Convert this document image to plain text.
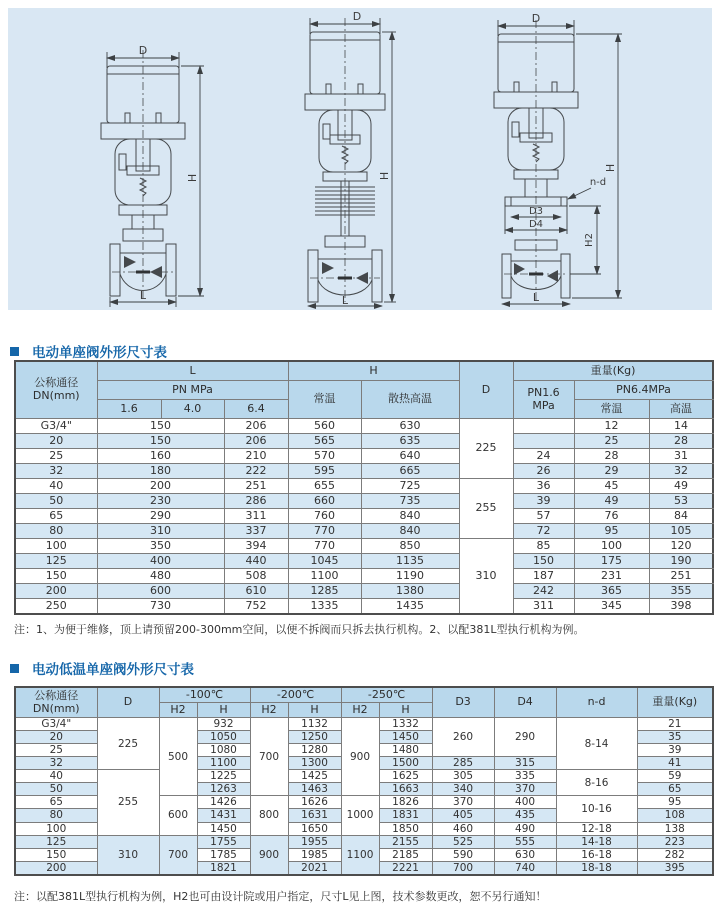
D
L
H
D
L
H
D
n-d
D3
D4
H2
L
H
电动单座阀外形尺寸表
公称通径
DN(mm)	L			H		D	重量(Kg)			
	PN MPa			常温	散热高温		PN1.6
MPa	PN6.4MPa		
	1.6	4.0	6.4					常温	高温	
G3/4"	150		206	560	630	225		12	14	
20	150		206	565	635			25	28	
25	160		210	570	640		24	28	31	
32	180		222	595	665		26	29	32	
40	200		251	655	725	255	36	45	49	
50	230		286	660	735		39	49	53	
65	290		311	760	840		57	76	84	
80	310		337	770	840		72	95	105	
100	350		394	770	850	310	85	100	120	
125	400		440	1045	1135		150	175	190	
150	480		508	1100	1190		187	231	251	
200	600		610	1285	1380		242	365	355	
250	730		752	1335	1435		311	345	398	
注：1、为便于维修，顶上请预留200-300mm空间，以便不拆阀而只拆去执行机构。2、以配381L型执行机构为例。
电动低温单座阀外形尺寸表
公称通径
DN(mm)	D	-100℃		-200℃		-250℃		D3	D4	n-d	重量(Kg)
		H2	H	H2	H	H2	H				
G3/4"	225	500	932	700	1132	900	1332	260	290	8-14	21
20			1050		1250		1450				35
25			1080		1280		1480				39
32			1100		1300		1500	285	315		41
40	255		1225		1425		1625	305	335	8-16	59
50			1263		1463		1663	340	370		65
65		600	1426	800	1626	1000	1826	370	400	10-16	95
80			1431		1631		1831	405	435		108
100			1450		1650		1850	460	490	12-18	138
125	310	700	1755	900	1955	1100	2155	525	555	14-18	223
150			1785		1985		2185	590	630	16-18	282
200			1821		2021		2221	700	740	18-18	395
注：以配381L型执行机构为例，H2也可由设计院或用户指定，尺寸L见上图，技术参数更改，恕不另行通知！
